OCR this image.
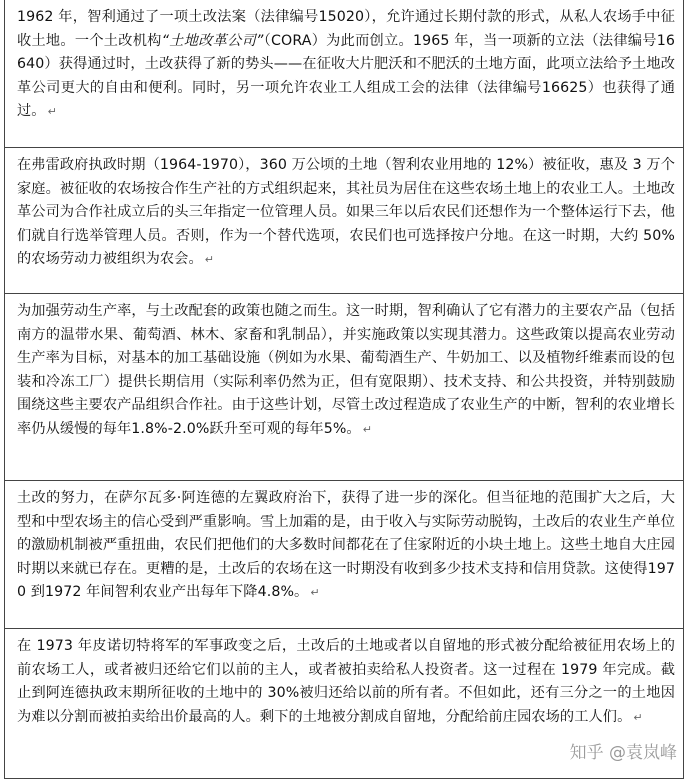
1962 年，智利通过了一项土改法案（法律编号15020），允许通过长期付款的形式，从私人农场手中征收土地。一个土改机构“土地改革公司”（CORA）为此而创立。1965 年，当一项新的立法（法律编号16640）获得通过时，土改获得了新的势头——在征收大片肥沃和不肥沃的土地方面，此项立法给予土地改革公司更大的自由和便利。同时，另一项允许农业工人组成工会的法律（法律编号16625）也获得了通过。 ↵

在弗雷政府执政时期（1964-1970），360 万公顷的土地（智利农业用地的 12%）被征收，惠及 3 万个家庭。被征收的农场按合作生产社的方式组织起来，其社员为居住在这些农场土地上的农业工人。土地改革公司为合作社成立后的头三年指定一位管理人员。如果三年以后农民们还想作为一个整体运行下去，他们就自行选举管理人员。否则，作为一个替代选项，农民们也可选择按户分地。在这一时期，大约 50%的农场劳动力被组织为农会。 ↵

为加强劳动生产率，与土改配套的政策也随之而生。这一时期，智利确认了它有潜力的主要农产品（包括南方的温带水果、葡萄酒、林木、家畜和乳制品），并实施政策以实现其潜力。这些政策以提高农业劳动生产率为目标，对基本的加工基础设施（例如为水果、葡萄酒生产、牛奶加工、以及植物纤维素而设的包装和冷冻工厂）提供长期信用（实际利率仍然为正，但有宽限期）、技术支持、和公共投资，并特别鼓励围绕这些主要农产品组织合作社。由于这些计划，尽管土改过程造成了农业生产的中断，智利的农业增长率仍从缓慢的每年1.8%-2.0%跃升至可观的每年5%。 ↵

土改的努力，在萨尔瓦多·阿连德的左翼政府治下，获得了进一步的深化。但当征地的范围扩大之后，大型和中型农场主的信心受到严重影响。雪上加霜的是，由于收入与实际劳动脱钩，土改后的农业生产单位的激励机制被严重扭曲，农民们把他们的大多数时间都花在了住家附近的小块土地上。这些土地自大庄园时期以来就已存在。更糟的是，土改后的农场在这一时期没有收到多少技术支持和信用贷款。这使得1970 到1972 年间智利农业产出每年下降4.8%。 ↵

在 1973 年皮诺切特将军的军事政变之后，土改后的土地或者以自留地的形式被分配给被征用农场上的前农场工人，或者被归还给它们以前的主人，或者被拍卖给私人投资者。这一过程在 1979 年完成。截止到阿连德执政末期所征收的土地中的 30%被归还给以前的所有者。不但如此，还有三分之一的土地因为难以分割而被拍卖给出价最高的人。剩下的土地被分割成自留地，分配给前庄园农场的工人们。 ↵

知乎 @袁岚峰
